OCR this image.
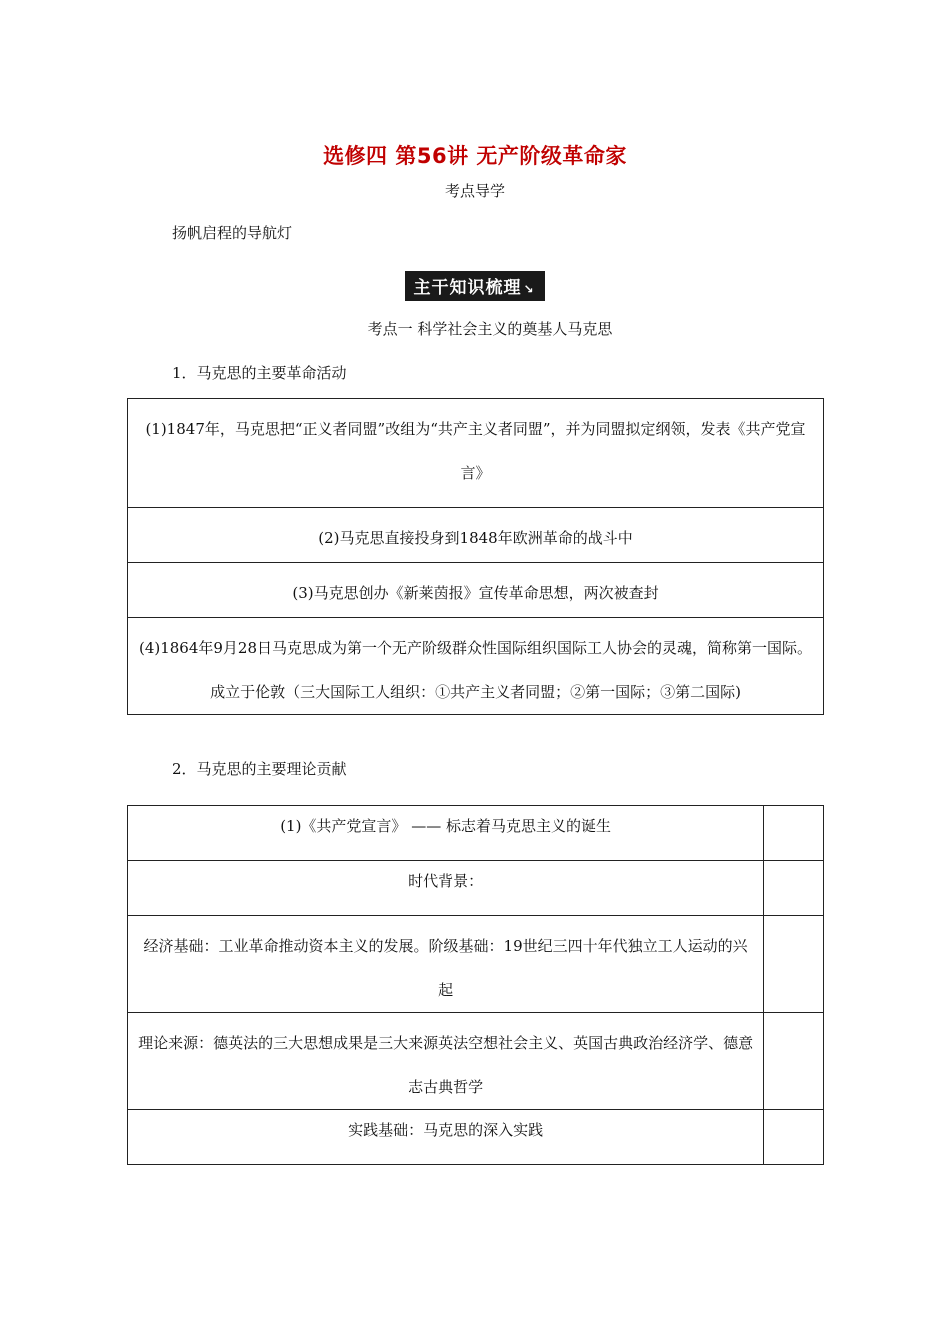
选修四 第56讲 无产阶级革命家
考点导学
扬帆启程的导航灯
主干知识梳理 ↘
考点一 科学社会主义的奠基人马克思
1．马克思的主要革命活动
(1)1847年，马克思把“正义者同盟”改组为“共产主义者同盟”，并为同盟拟定纲领，发表《共产党宣言》
(2)马克思直接投身到1848年欧洲革命的战斗中
(3)马克思创办《新莱茵报》宣传革命思想，两次被查封
(4)1864年9月28日马克思成为第一个无产阶级群众性国际组织国际工人协会的灵魂，简称第一国际。成立于伦敦（三大国际工人组织：①共产主义者同盟；②第一国际；③第二国际)
2．马克思的主要理论贡献
(1)《共产党宣言》 —— 标志着马克思主义的诞生	
时代背景：	
经济基础：工业革命推动资本主义的发展。阶级基础：19世纪三四十年代独立工人运动的兴起	
理论来源：德英法的三大思想成果是三大来源英法空想社会主义、英国古典政治经济学、德意志古典哲学	
实践基础：马克思的深入实践	
